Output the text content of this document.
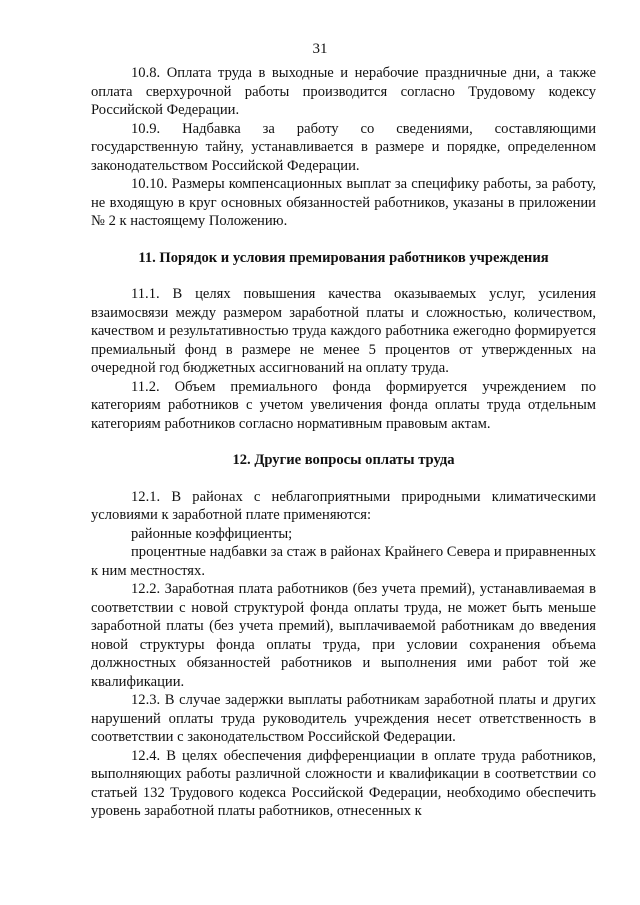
31

10.8. Оплата труда в выходные и нерабочие праздничные дни, а также оплата сверхурочной работы производится согласно Трудовому кодексу Российской Федерации.

10.9. Надбавка за работу со сведениями, составляющими государственную тайну, устанавливается в размере и порядке, определенном законодательством Российской Федерации.

10.10. Размеры компенсационных выплат за специфику работы, за работу, не входящую в круг основных обязанностей работников, указаны в приложении № 2 к настоящему Положению.

11. Порядок и условия премирования работников учреждения

11.1. В целях повышения качества оказываемых услуг, усиления взаимосвязи между размером заработной платы и сложностью, количеством, качеством и результативностью труда каждого работника ежегодно формируется премиальный фонд в размере не менее 5 процентов от утвержденных на очередной год бюджетных ассигнований на оплату труда.

11.2. Объем премиального фонда формируется учреждением по категориям работников с учетом увеличения фонда оплаты труда отдельным категориям работников согласно нормативным правовым актам.

12. Другие вопросы оплаты труда

12.1. В районах с неблагоприятными природными климатическими условиями к заработной плате применяются:

районные коэффициенты;

процентные надбавки за стаж в районах Крайнего Севера и приравненных к ним местностях.

12.2. Заработная плата работников (без учета премий), устанавливаемая в соответствии с новой структурой фонда оплаты труда, не может быть меньше заработной платы (без учета премий), выплачиваемой работникам до введения новой структуры фонда оплаты труда, при условии сохранения объема должностных обязанностей работников и выполнения ими работ той же квалификации.

12.3. В случае задержки выплаты работникам заработной платы и других нарушений оплаты труда руководитель учреждения несет ответственность в соответствии с законодательством Российской Федерации.

12.4. В целях обеспечения дифференциации в оплате труда работников, выполняющих работы различной сложности и квалификации в соответствии со статьей 132 Трудового кодекса Российской Федерации, необходимо обеспечить уровень заработной платы работников, отнесенных к
